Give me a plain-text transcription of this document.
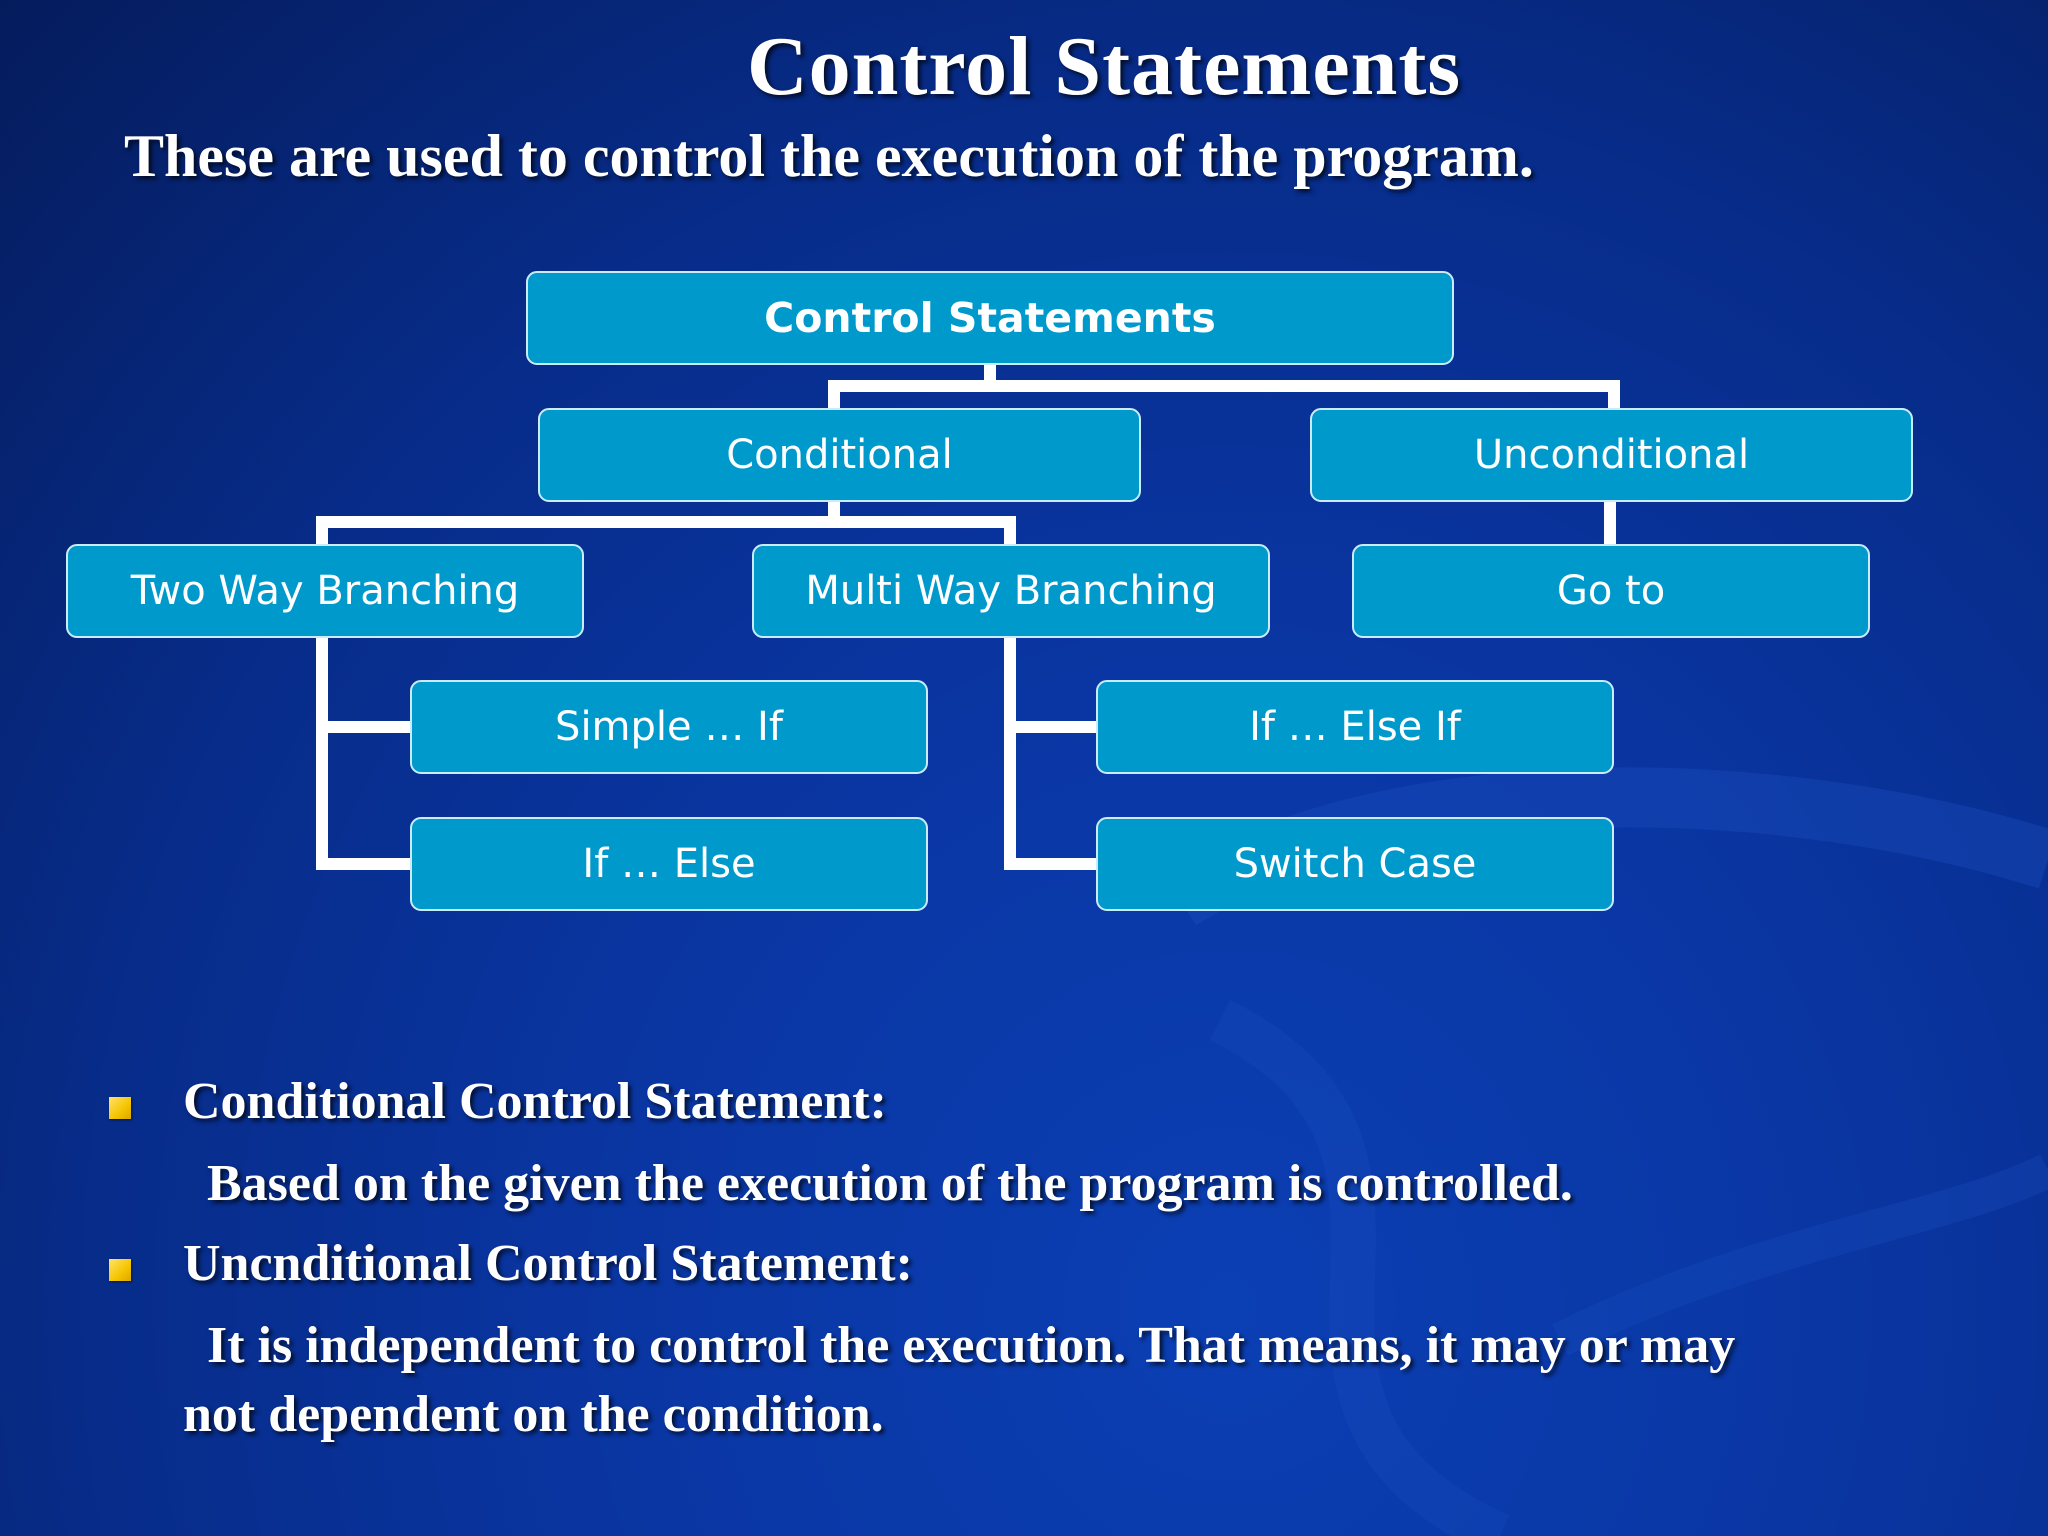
Control Statements

These are used to control the execution of the program.

Control Statements
Conditional	Unconditional
Two Way Branching	Multi Way Branching	Go to
Simple … If
If … Else
If … Else If
Switch Case

Conditional Control Statement:

Based on the given the execution of the program is controlled.

Uncnditional Control Statement:

It is independent to control the execution. That means, it may or may

not dependent on the condition.
